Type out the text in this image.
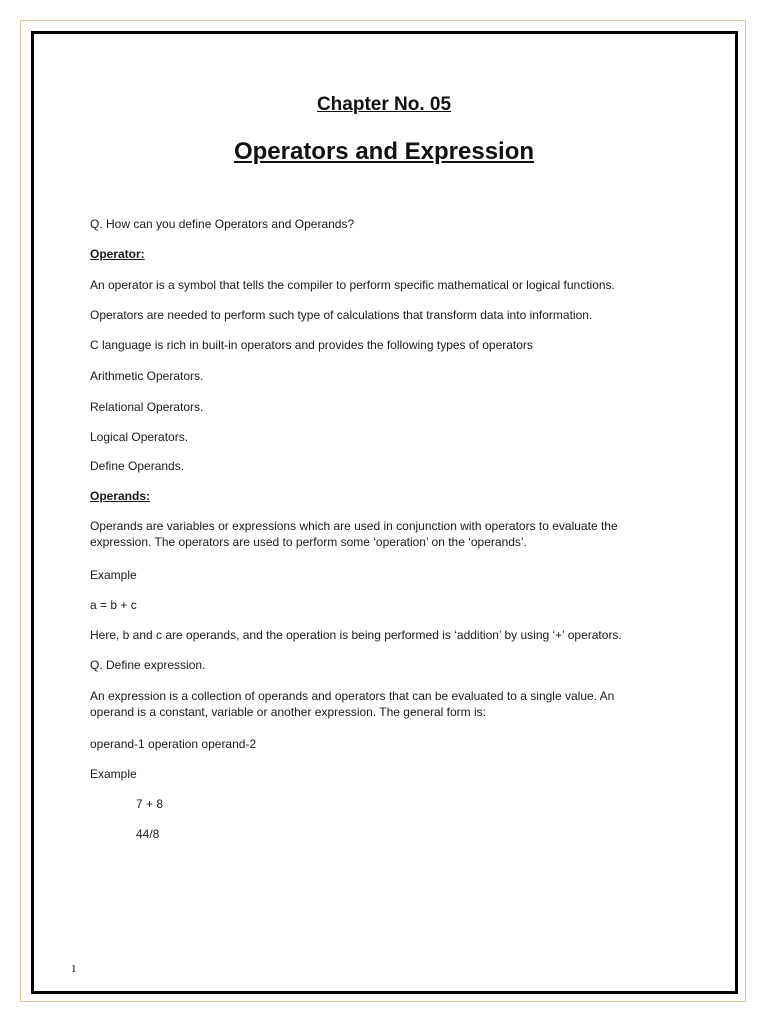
Chapter No. 05
Operators and Expression
Q. How can you define Operators and Operands?
Operator:
An operator is a symbol that tells the compiler to perform specific mathematical or logical functions.
Operators are needed to perform such type of calculations that transform data into information.
C language is rich in built-in operators and provides the following types of operators
Arithmetic Operators.
Relational Operators.
Logical Operators.
Define Operands.
Operands:
Operands are variables or expressions which are used in conjunction with operators to evaluate the
expression. The operators are used to perform some ‘operation’ on the ‘operands’.
Example
a = b + c
Here, b and c are operands, and the operation is being performed is ‘addition’ by using ‘+’ operators.
Q. Define expression.
An expression is a collection of operands and operators that can be evaluated to a single value. An
operand is a constant, variable or another expression. The general form is:
operand-1 operation operand-2
Example
7 + 8
44/8
1
